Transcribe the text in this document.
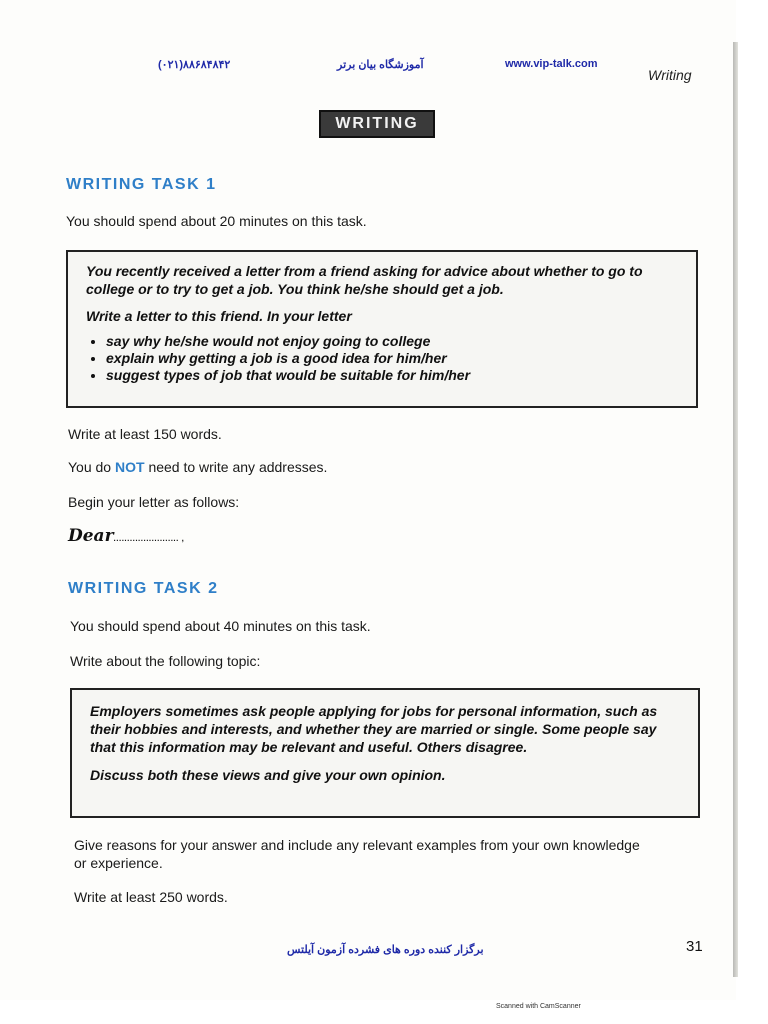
(۰۲۱)۸۸۶۸۴۸۴۲	آموزشگاه بیان برتر	www.vip-talk.com
Writing
WRITING
WRITING TASK 1
You should spend about 20 minutes on this task.

You recently received a letter from a friend asking for advice about whether to go to college or to try to get a job. You think he/she should get a job.

Write a letter to this friend. In your letter

• say why he/she would not enjoy going to college
• explain why getting a job is a good idea for him/her
• suggest types of job that would be suitable for him/her
Write at least 150 words.
You do NOT need to write any addresses.
Begin your letter as follows:
Dear........................ ,
WRITING TASK 2
You should spend about 40 minutes on this task.
Write about the following topic:

Employers sometimes ask people applying for jobs for personal information, such as their hobbies and interests, and whether they are married or single. Some people say that this information may be relevant and useful. Others disagree.

Discuss both these views and give your own opinion.

Give reasons for your answer and include any relevant examples from your own knowledge or experience.
Write at least 250 words.
برگزار کننده دوره های فشرده آزمون آیلتس	31
Scanned with CamScanner
